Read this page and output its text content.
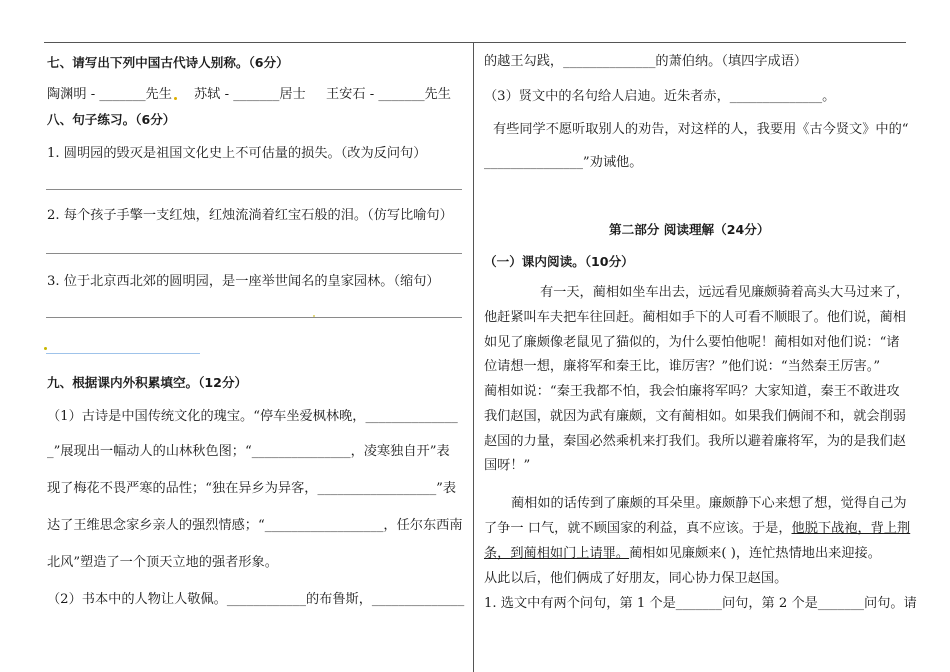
七、请写出下列中国古代诗人别称。（6分）
陶渊明 - _______先生 苏轼 - _______居士 王安石 - _______先生
八、句子练习。（6分）
1. 圆明园的毁灭是祖国文化史上不可估量的损失。（改为反问句）
2. 每个孩子手擎一支红烛，红烛流淌着红宝石般的泪。（仿写比喻句）
3. 位于北京西北郊的圆明园，是一座举世闻名的皇家园林。（缩句）
九、根据课内外积累填空。（12分）
（1）古诗是中国传统文化的瑰宝。“停车坐爱枫林晚，______________
_”展现出一幅动人的山林秋色图；“_______________，凌寒独自开”表
现了梅花不畏严寒的品性；“独在异乡为异客，__________________”表
达了王维思念家乡亲人的强烈情感；“__________________，任尔东西南
北风”塑造了一个顶天立地的强者形象。
（2）书本中的人物让人敬佩。____________的布鲁斯，______________
的越王勾践，______________的萧伯纳。（填四字成语）
（3）贤文中的名句给人启迪。近朱者赤，______________。
有些同学不愿听取别人的劝告，对这样的人，我要用《古今贤文》中的“
_______________”劝诫他。
第二部分 阅读理解（24分）
（一）课内阅读。（10分）
有一天，蔺相如坐车出去，远远看见廉颇骑着高头大马过来了，
他赶紧叫车夫把车往回赶。蔺相如手下的人可看不顺眼了。他们说，蔺相
如见了廉颇像老鼠见了猫似的，为什么要怕他呢！蔺相如对他们说：“诸
位请想一想，廉将军和秦王比，谁厉害？”他们说：“当然秦王厉害。”
蔺相如说：“秦王我都不怕，我会怕廉将军吗？大家知道，秦王不敢进攻
我们赵国，就因为武有廉颇，文有蔺相如。如果我们俩闹不和，就会削弱
赵国的力量，秦国必然乘机来打我们。我所以避着廉将军，为的是我们赵
国呀！”
蔺相如的话传到了廉颇的耳朵里。廉颇静下心来想了想，觉得自己为
了争一 口气，就不顾国家的利益，真不应该。于是，他脱下战袍，背上荆
条，到蔺相如门上请罪。蔺相如见廉颇来( )，连忙热情地出来迎接。
从此以后，他们俩成了好朋友，同心协力保卫赵国。
1. 选文中有两个问句，第 1 个是_______问句，第 2 个是_______问句。请
